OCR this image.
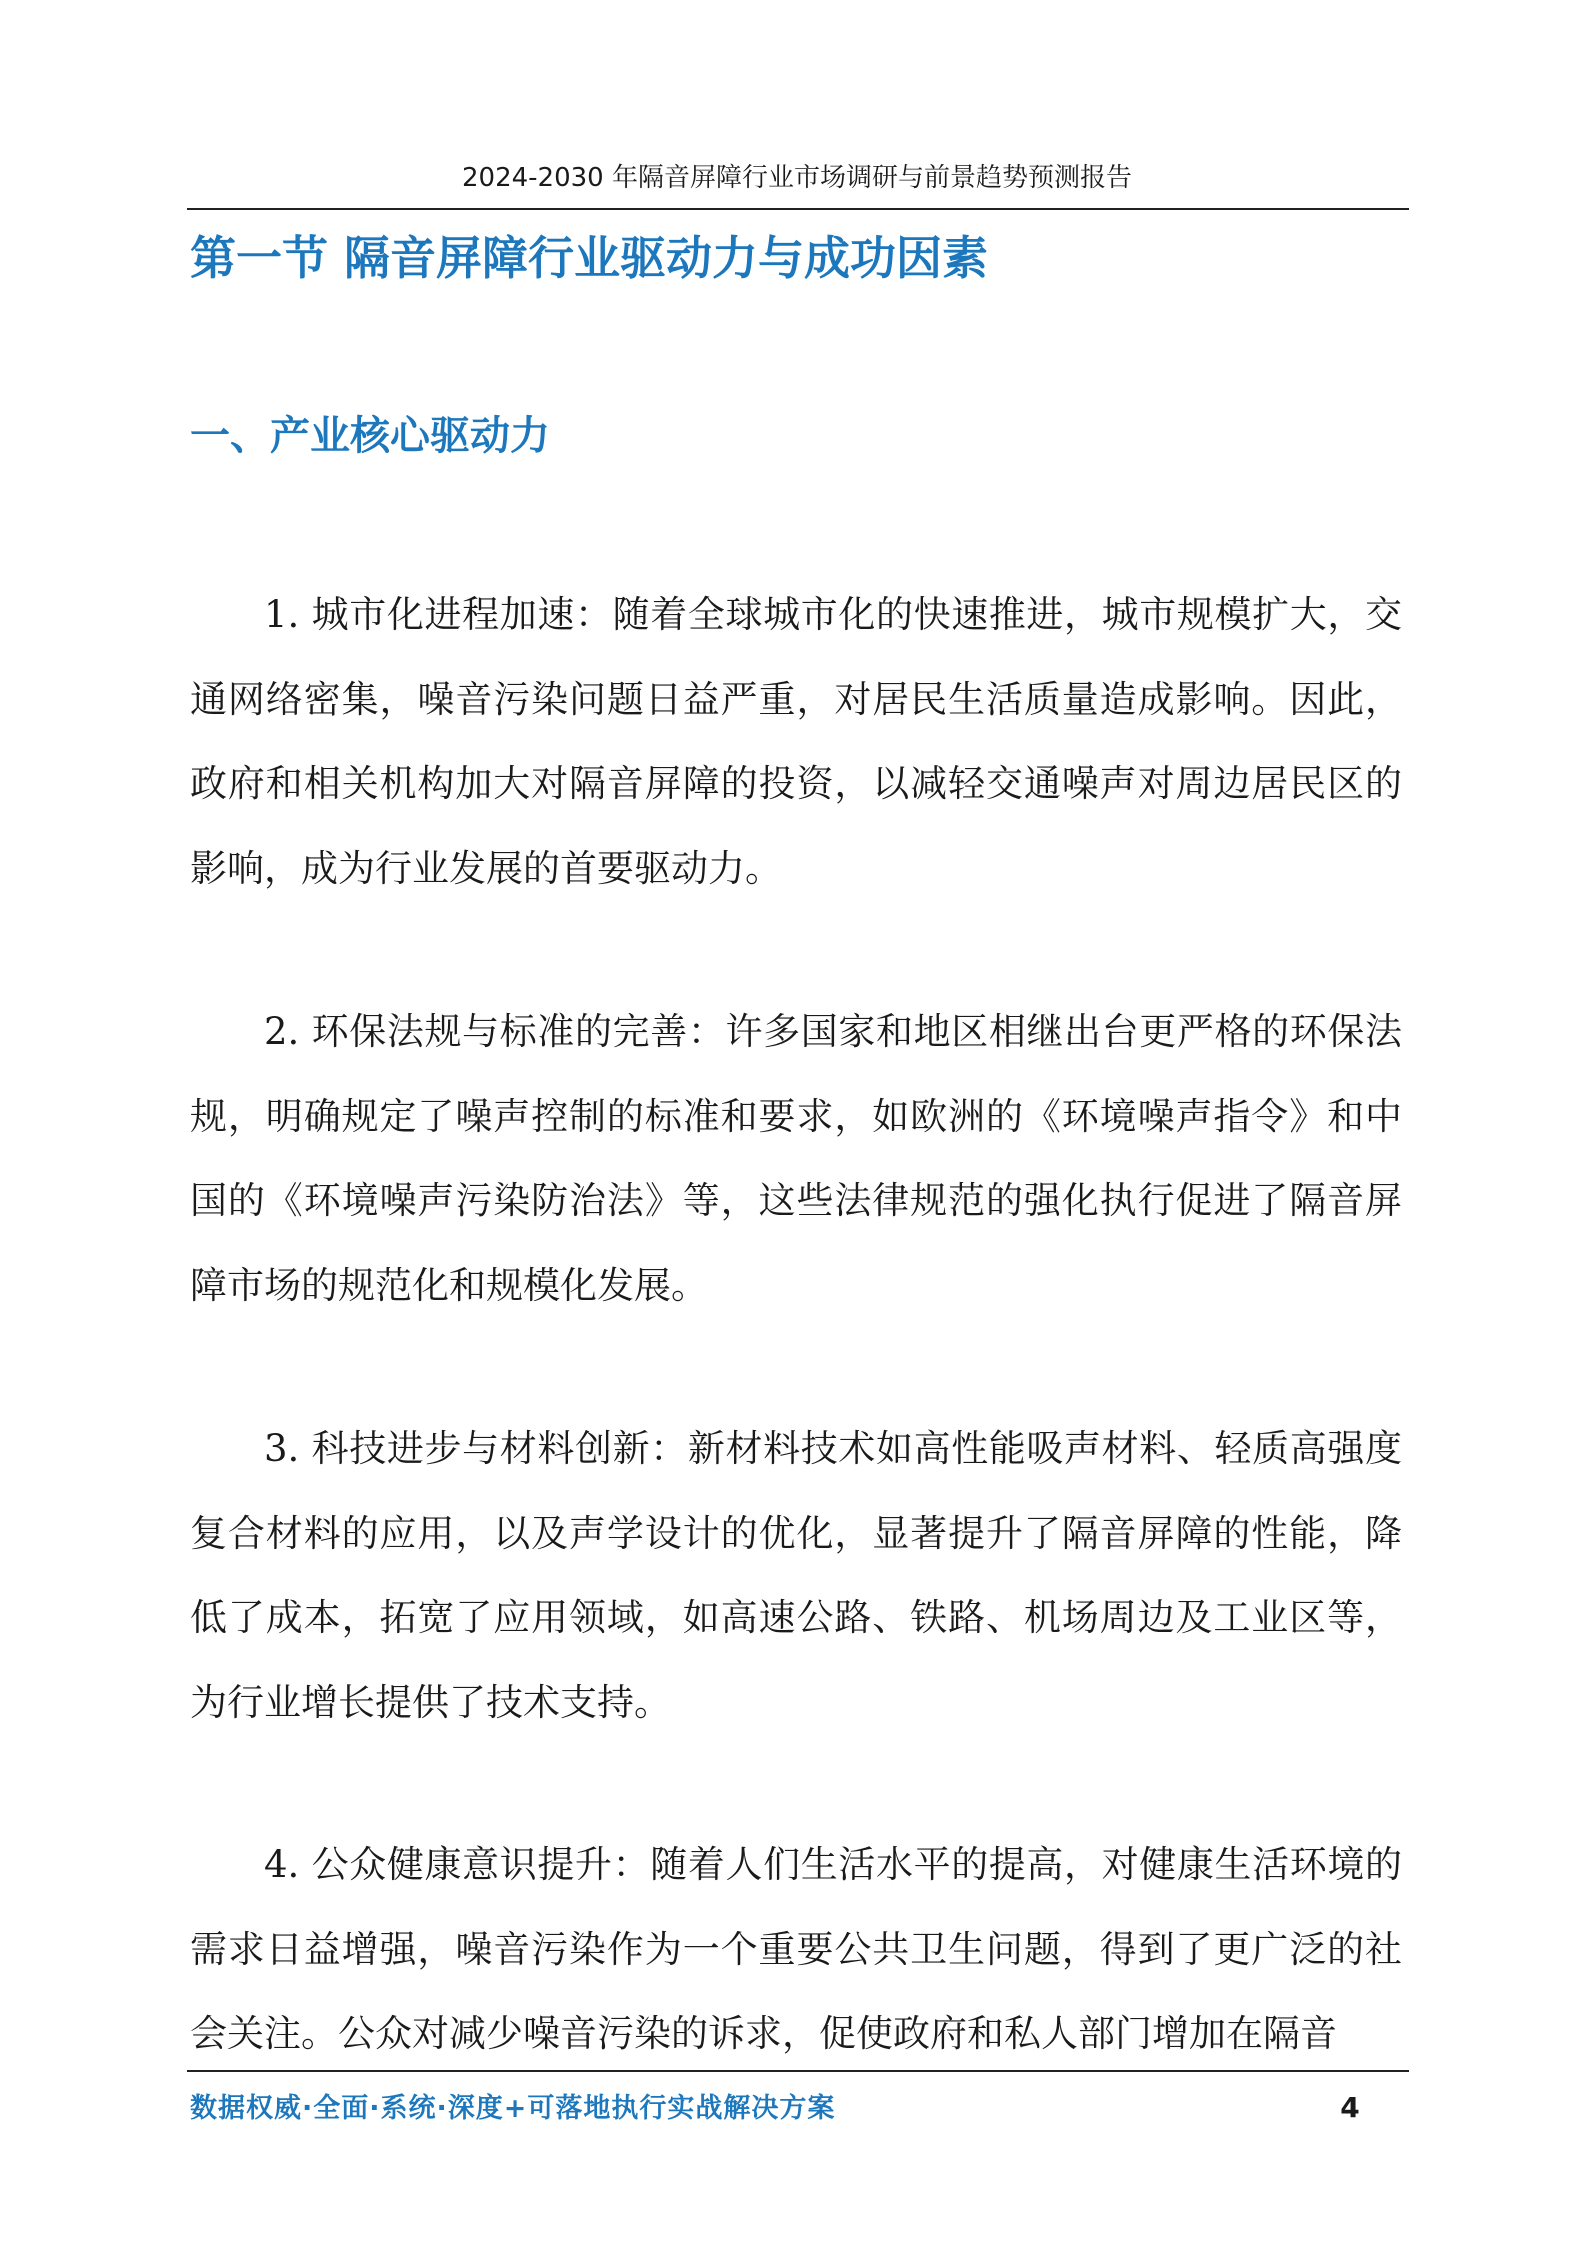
2024-2030 年隔音屏障行业市场调研与前景趋势预测报告
第一节 隔音屏障行业驱动力与成功因素
一、产业核心驱动力

1. 城市化进程加速：随着全球城市化的快速推进，城市规模扩大，交通网络密集，噪音污染问题日益严重，对居民生活质量造成影响。因此，政府和相关机构加大对隔音屏障的投资，以减轻交通噪声对周边居民区的影响，成为行业发展的首要驱动力。

2. 环保法规与标准的完善：许多国家和地区相继出台更严格的环保法规，明确规定了噪声控制的标准和要求，如欧洲的《环境噪声指令》和中国的《环境噪声污染防治法》等，这些法律规范的强化执行促进了隔音屏障市场的规范化和规模化发展。

3. 科技进步与材料创新：新材料技术如高性能吸声材料、轻质高强度复合材料的应用，以及声学设计的优化，显著提升了隔音屏障的性能，降低了成本，拓宽了应用领域，如高速公路、铁路、机场周边及工业区等，为行业增长提供了技术支持。

4. 公众健康意识提升：随着人们生活水平的提高，对健康生活环境的需求日益增强，噪音污染作为一个重要公共卫生问题，得到了更广泛的社会关注。公众对减少噪音污染的诉求，促使政府和私人部门增加在隔音

数据权威·全面·系统·深度+可落地执行实战解决方案	4
